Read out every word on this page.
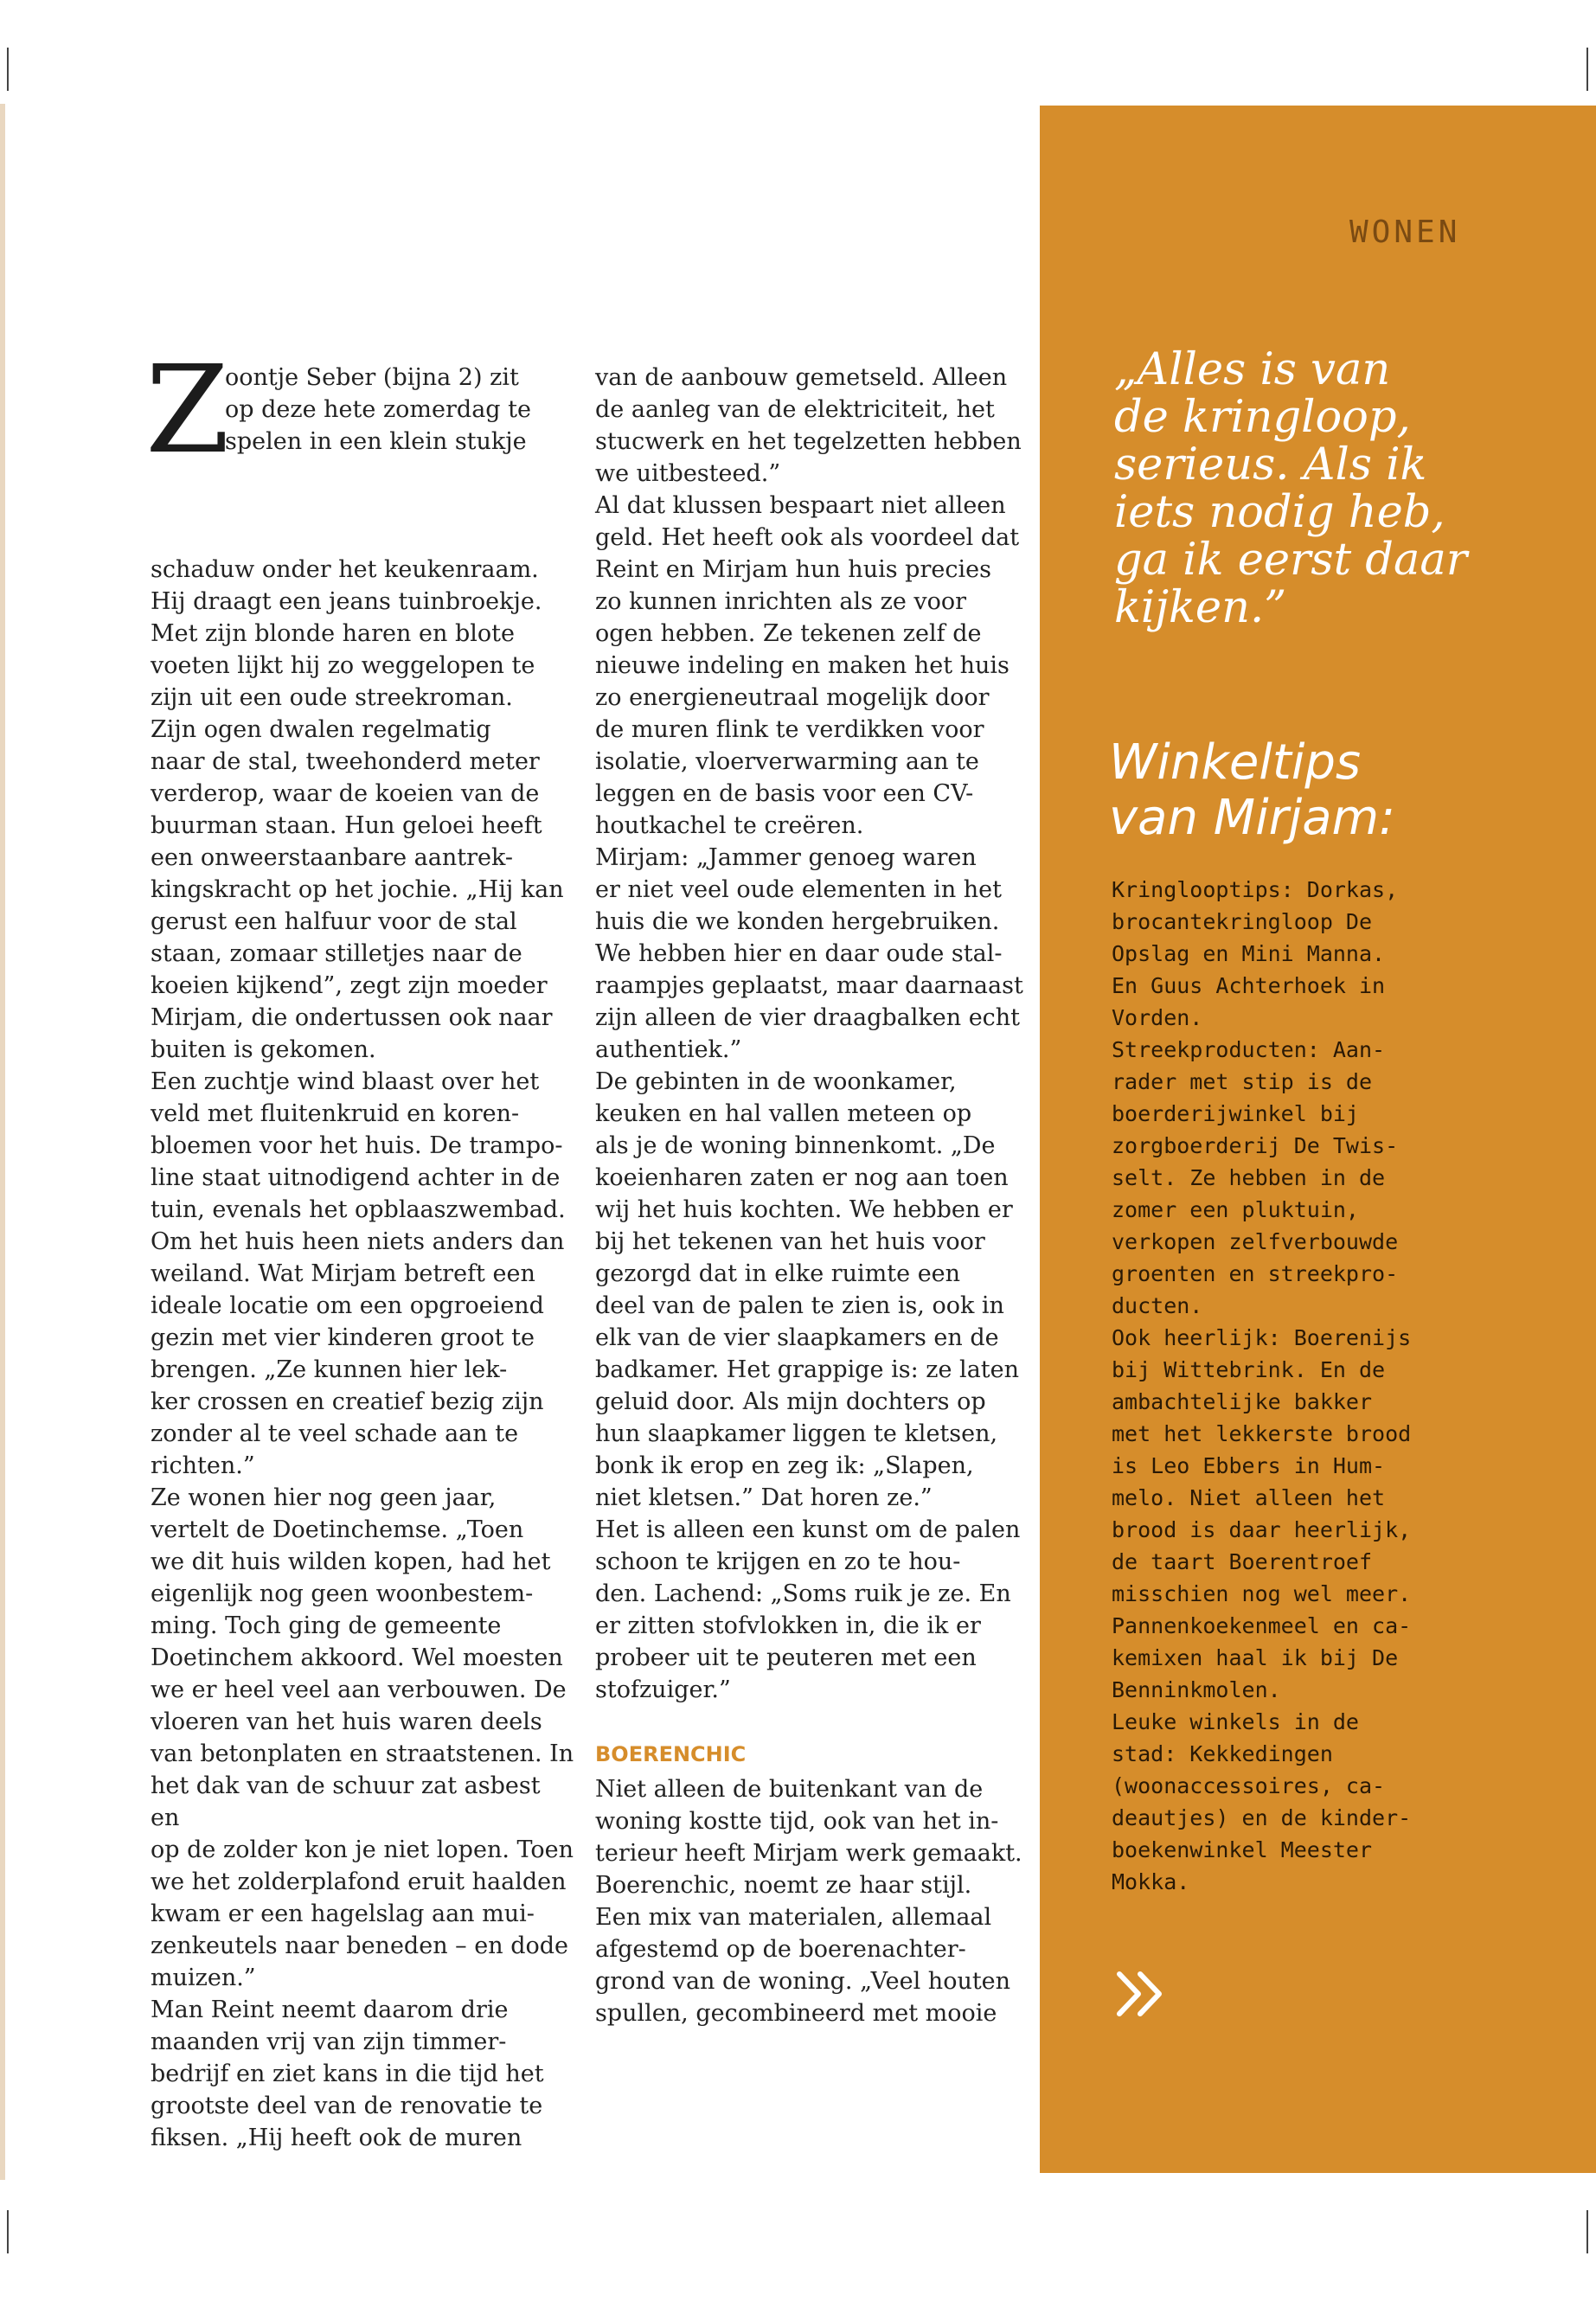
WONEN

„Alles is van
de kringloop,
serieus. Als ik
iets nodig heb,
ga ik eerst daar
kijken.”

Winkeltips
van Mirjam:

Kringlooptips: Dorkas,
brocantekringloop De
Opslag en Mini Manna.
En Guus Achterhoek in
Vorden.
Streekproducten: Aan-
rader met stip is de
boerderijwinkel bij
zorgboerderij De Twis-
selt. Ze hebben in de
zomer een pluktuin,
verkopen zelfverbouwde
groenten en streekpro-
ducten.
Ook heerlijk: Boerenijs
bij Wittebrink. En de
ambachtelijke bakker
met het lekkerste brood
is Leo Ebbers in Hum-
melo. Niet alleen het
brood is daar heerlijk,
de taart Boerentroef
misschien nog wel meer.
Pannenkoekenmeel en ca-
kemixen haal ik bij De
Benninkmolen.
Leuke winkels in de
stad: Kekkedingen
(woonaccessoires, ca-
deautjes) en de kinder-
boekenwinkel Meester
Mokka.

Z

oontje Seber (bijna 2) zit
op deze hete zomerdag te
spelen in een klein stukje

schaduw onder het keukenraam.
Hij draagt een jeans tuinbroekje.
Met zijn blonde haren en blote
voeten lijkt hij zo weggelopen te
zijn uit een oude streekroman.
Zijn ogen dwalen regelmatig
naar de stal, tweehonderd meter
verderop, waar de koeien van de
buurman staan. Hun geloei heeft
een onweerstaanbare aantrek-
kingskracht op het jochie. „Hij kan
gerust een halfuur voor de stal
staan, zomaar stilletjes naar de
koeien kijkend”, zegt zijn moeder
Mirjam, die ondertussen ook naar
buiten is gekomen.
Een zuchtje wind blaast over het
veld met fluitenkruid en koren-
bloemen voor het huis. De trampo-
line staat uitnodigend achter in de
tuin, evenals het opblaaszwembad.
Om het huis heen niets anders dan
weiland. Wat Mirjam betreft een
ideale locatie om een opgroeiend
gezin met vier kinderen groot te
brengen. „Ze kunnen hier lek-
ker crossen en creatief bezig zijn
zonder al te veel schade aan te
richten.”
Ze wonen hier nog geen jaar,
vertelt de Doetinchemse. „Toen
we dit huis wilden kopen, had het
eigenlijk nog geen woonbestem-
ming. Toch ging de gemeente
Doetinchem akkoord. Wel moesten
we er heel veel aan verbouwen. De
vloeren van het huis waren deels
van betonplaten en straatstenen. In
het dak van de schuur zat asbest en
op de zolder kon je niet lopen. Toen
we het zolderplafond eruit haalden
kwam er een hagelslag aan mui-
zenkeutels naar beneden – en dode
muizen.”
Man Reint neemt daarom drie
maanden vrij van zijn timmer-
bedrijf en ziet kans in die tijd het
grootste deel van de renovatie te
fiksen. „Hij heeft ook de muren

van de aanbouw gemetseld. Alleen
de aanleg van de elektriciteit, het
stucwerk en het tegelzetten hebben
we uitbesteed.”
Al dat klussen bespaart niet alleen
geld. Het heeft ook als voordeel dat
Reint en Mirjam hun huis precies
zo kunnen inrichten als ze voor
ogen hebben. Ze tekenen zelf de
nieuwe indeling en maken het huis
zo energieneutraal mogelijk door
de muren flink te verdikken voor
isolatie, vloerverwarming aan te
leggen en de basis voor een CV-
houtkachel te creëren.
Mirjam: „Jammer genoeg waren
er niet veel oude elementen in het
huis die we konden hergebruiken.
We hebben hier en daar oude stal-
raampjes geplaatst, maar daarnaast
zijn alleen de vier draagbalken echt
authentiek.”
De gebinten in de woonkamer,
keuken en hal vallen meteen op
als je de woning binnenkomt. „De
koeienharen zaten er nog aan toen
wij het huis kochten. We hebben er
bij het tekenen van het huis voor
gezorgd dat in elke ruimte een
deel van de palen te zien is, ook in
elk van de vier slaapkamers en de
badkamer. Het grappige is: ze laten
geluid door. Als mijn dochters op
hun slaapkamer liggen te kletsen,
bonk ik erop en zeg ik: „Slapen,
niet kletsen.” Dat horen ze.”
Het is alleen een kunst om de palen
schoon te krijgen en zo te hou-
den. Lachend: „Soms ruik je ze. En
er zitten stofvlokken in, die ik er
probeer uit te peuteren met een
stofzuiger.”

BOERENCHIC

Niet alleen de buitenkant van de
woning kostte tijd, ook van het in-
terieur heeft Mirjam werk gemaakt.
Boerenchic, noemt ze haar stijl.
Een mix van materialen, allemaal
afgestemd op de boerenachter-
grond van de woning. „Veel houten
spullen, gecombineerd met mooie
